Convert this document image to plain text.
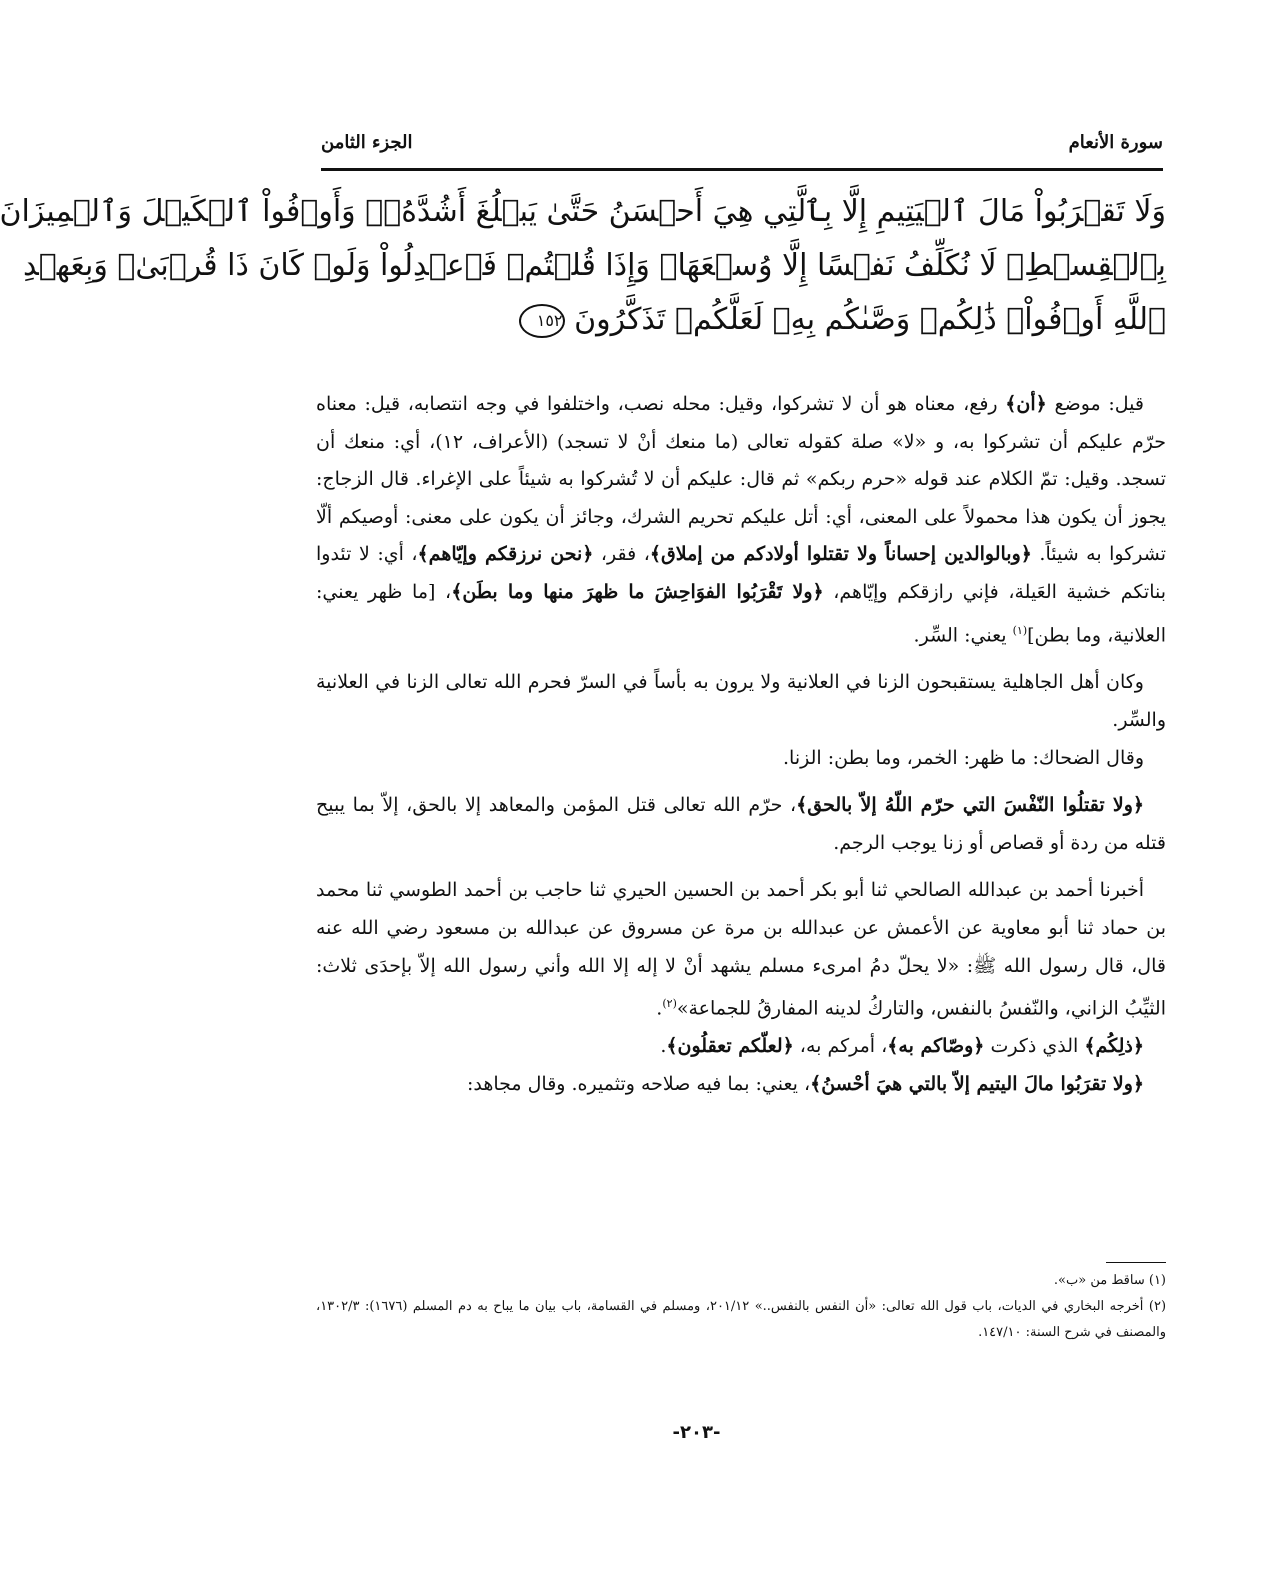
سورة الأنعام
الجزء الثامن
وَلَا تَقۡرَبُواْ مَالَ ٱلۡيَتِيمِ إِلَّا بِٱلَّتِي هِيَ أَحۡسَنُ حَتَّىٰ يَبۡلُغَ أَشُدَّهُۥۚ وَأَوۡفُواْ ٱلۡكَيۡلَ وَٱلۡمِيزَانَ
بِٱلۡقِسۡطِۖ لَا نُكَلِّفُ نَفۡسًا إِلَّا وُسۡعَهَاۖ وَإِذَا قُلۡتُمۡ فَٱعۡدِلُواْ وَلَوۡ كَانَ ذَا قُرۡبَىٰۖ وَبِعَهۡدِ
ٱللَّهِ أَوۡفُواْۚ ذَٰلِكُمۡ وَصَّىٰكُم بِهِۦ لَعَلَّكُمۡ تَذَكَّرُونَ ١٥٢

قيل: موضع ﴿أن﴾ رفع، معناه هو أن لا تشركوا، وقيل: محله نصب، واختلفوا في وجه انتصابه، قيل: معناه حرّم عليكم أن تشركوا به، و «لا» صلة كقوله تعالى (ما منعك أنْ لا تسجد) (الأعراف، ١٢)، أي: منعك أن تسجد. وقيل: تمّ الكلام عند قوله «حرم ربكم» ثم قال: عليكم أن لا تُشركوا به شيئاً على الإغراء. قال الزجاج: يجوز أن يكون هذا محمولاً على المعنى، أي: أتل عليكم تحريم الشرك، وجائز أن يكون على معنى: أوصيكم ألّا تشركوا به شيئاً. ﴿وبالوالدين إحساناً ولا تقتلوا أولادكم من إملاق﴾، فقر، ﴿نحن نرزقكم وإيّاهم﴾، أي: لا تئدوا بناتكم خشية العَيلة، فإني رازقكم وإيّاهم، ﴿ولا تَقْرَبُوا الفوَاحِشَ ما ظهرَ منها وما بطَن﴾، [ما ظهر يعني: العلانية، وما بطن]$^{(١)}$ يعني: السِّر.

وكان أهل الجاهلية يستقبحون الزنا في العلانية ولا يرون به بأساً في السرّ فحرم الله تعالى الزنا في العلانية والسِّر.

وقال الضحاك: ما ظهر: الخمر، وما بطن: الزنا.

﴿ولا تقتلُوا النّفْسَ التي حرّم اللّهُ إلاّ بالحق﴾، حرّم الله تعالى قتل المؤمن والمعاهد إلا بالحق، إلاّ بما يبيح قتله من ردة أو قصاص أو زنا يوجب الرجم.

أخبرنا أحمد بن عبدالله الصالحي ثنا أبو بكر أحمد بن الحسين الحيري ثنا حاجب بن أحمد الطوسي ثنا محمد بن حماد ثنا أبو معاوية عن الأعمش عن عبدالله بن مرة عن مسروق عن عبدالله بن مسعود رضي الله عنه قال، قال رسول الله ﷺ: «لا يحلّ دمُ امرىء مسلم يشهد أنْ لا إله إلا الله وأني رسول الله إلاّ بإحدَى ثلاث: الثيِّبُ الزاني، والنّفسُ بالنفس، والتاركُ لدينه المفارقُ للجماعة»$^{(٢)}$.

﴿ذلِكُم﴾ الذي ذكرت ﴿وصّاكم به﴾، أمركم به، ﴿لعلّكم تعقلُون﴾.

﴿ولا تقرَبُوا مالَ اليتيم إلاّ بالتي هيَ أحْسنُ﴾، يعني: بما فيه صلاحه وتثميره. وقال مجاهد:

(١) ساقط من «ب».

(٢) أخرجه البخاري في الديات، باب قول الله تعالى: «أن النفس بالنفس..» ٢٠١/١٢، ومسلم في القسامة، باب بيان ما يباح به دم المسلم (١٦٧٦): ١٣٠٢/٣، والمصنف في شرح السنة: ١٤٧/١٠.

-٢٠٣-
